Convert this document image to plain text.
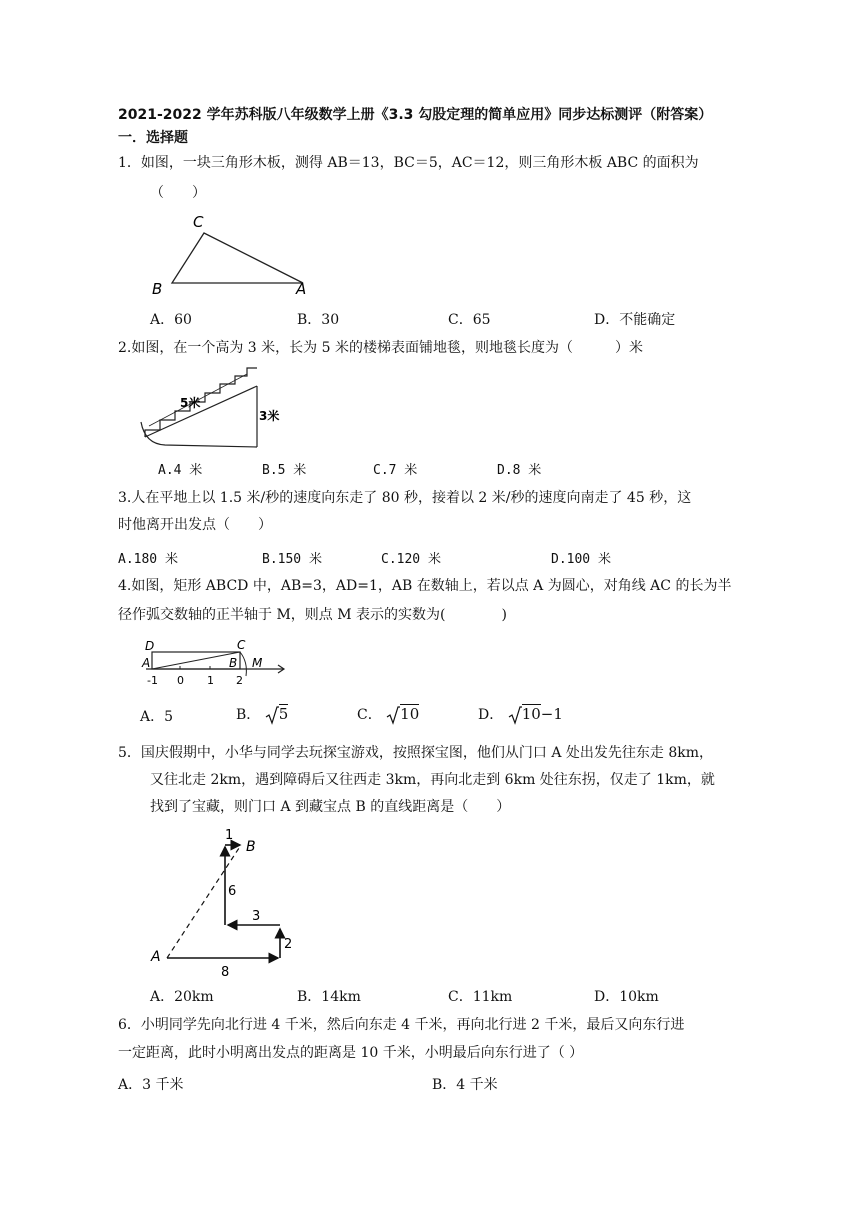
2021-2022 学年苏科版八年级数学上册《3.3 勾股定理的简单应用》同步达标测评（附答案）
一．选择题
1．如图，一块三角形木板，测得 AB＝13，BC＝5，AC＝12，则三角形木板 ABC 的面积为
（　　）
C
B	A
A．60	B．30	C．65	D．不能确定
2.如图，在一个高为 3 米，长为 5 米的楼梯表面铺地毯，则地毯长度为（　　　）米
5米
3米
A.4 米	B.5 米	C.7 米	D.8 米
3.人在平地上以 1.5 米/秒的速度向东走了 80 秒，接着以 2 米/秒的速度向南走了 45 秒，这
时他离开出发点（　　）
A.180 米	B.150 米	C.120 米	D.100 米
4.如图，矩形 ABCD 中，AB=3，AD=1，AB 在数轴上，若以点 A 为圆心，对角线 AC 的长为半
径作弧交数轴的正半轴于 M，则点 M 表示的实数为(　　　　)
D	C
A	B M
-1 0 1 2
A．5	B． 5	C． 10	D． 10−1
5．国庆假期中，小华与同学去玩探宝游戏，按照探宝图，他们从门口 A 处出发先往东走 8km，
又往北走 2km，遇到障碍后又往西走 3km，再向北走到 6km 处往东拐，仅走了 1km，就
找到了宝藏，则门口 A 到藏宝点 B 的直线距离是（　　）
A
B
8
2
3
6
1
A．20km	B．14km	C．11km	D．10km
6．小明同学先向北行进 4 千米，然后向东走 4 千米，再向北行进 2 千米，最后又向东行进
一定距离，此时小明离出发点的距离是 10 千米，小明最后向东行进了（ ）
A．3 千米	B．4 千米
